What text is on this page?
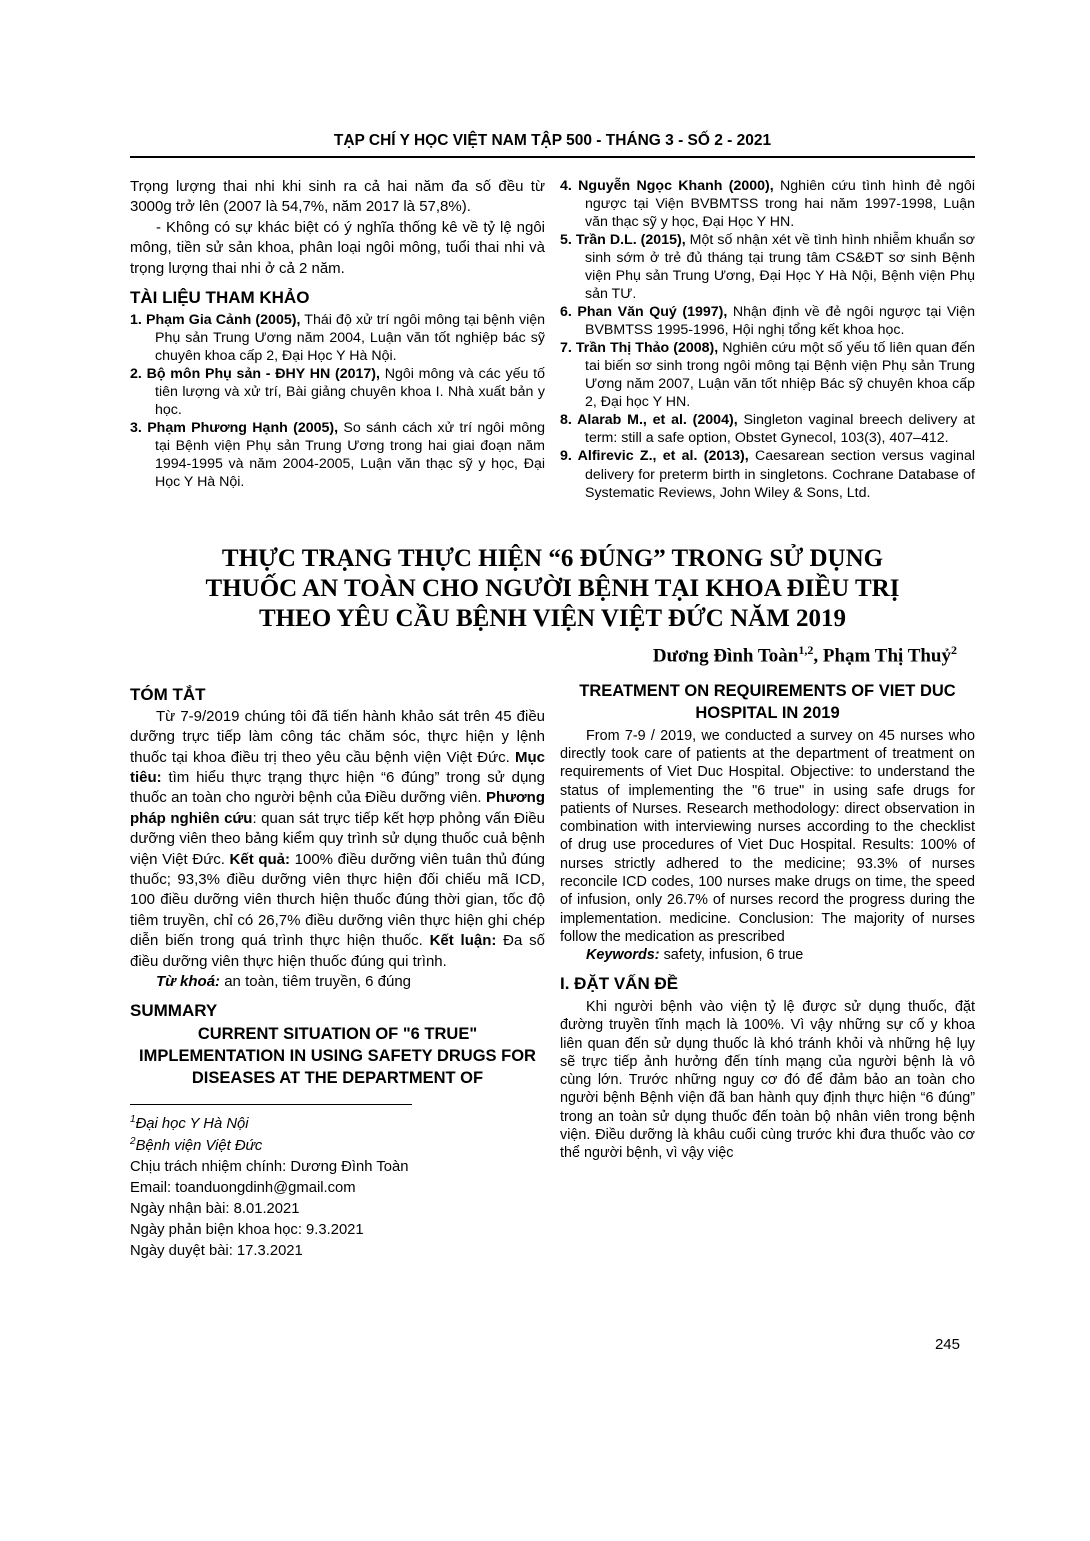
TẠP CHÍ Y HỌC VIỆT NAM TẬP 500 - THÁNG 3 - SỐ 2 - 2021

Trọng lượng thai nhi khi sinh ra cả hai năm đa số đều từ 3000g trở lên (2007 là 54,7%, năm 2017 là 57,8%).

- Không có sự khác biệt có ý nghĩa thống kê về tỷ lệ ngôi mông, tiền sử sản khoa, phân loại ngôi mông, tuổi thai nhi và trọng lượng thai nhi ở cả 2 năm.

TÀI LIỆU THAM KHẢO
1. Phạm Gia Cảnh (2005), Thái độ xử trí ngôi mông tại bệnh viện Phụ sản Trung Ương năm 2004, Luận văn tốt nghiệp bác sỹ chuyên khoa cấp 2, Đại Học Y Hà Nội.
2. Bộ môn Phụ sản - ĐHY HN (2017), Ngôi mông và các yếu tố tiên lượng và xử trí, Bài giảng chuyên khoa I. Nhà xuất bản y học.
3. Phạm Phương Hạnh (2005), So sánh cách xử trí ngôi mông tại Bệnh viện Phụ sản Trung Ương trong hai giai đoạn năm 1994-1995 và năm 2004-2005, Luận văn thạc sỹ y học, Đại Học Y Hà Nội.
4. Nguyễn Ngọc Khanh (2000), Nghiên cứu tình hình đẻ ngôi ngược tại Viện BVBMTSS trong hai năm 1997-1998, Luận văn thạc sỹ y học, Đại Học Y HN.
5. Trần D.L. (2015), Một số nhận xét về tình hình nhiễm khuẩn sơ sinh sớm ở trẻ đủ tháng tại trung tâm CS&ĐT sơ sinh Bệnh viện Phụ sản Trung Ương, Đại Học Y Hà Nội, Bệnh viện Phụ sản TƯ.
6. Phan Văn Quý (1997), Nhận định về đẻ ngôi ngược tại Viện BVBMTSS 1995-1996, Hội nghị tổng kết khoa học.
7. Trần Thị Thảo (2008), Nghiên cứu một số yếu tố liên quan đến tai biến sơ sinh trong ngôi mông tại Bệnh viện Phụ sản Trung Ương năm 2007, Luận văn tốt nhiệp Bác sỹ chuyên khoa cấp 2, Đại học Y HN.
8. Alarab M., et al. (2004), Singleton vaginal breech delivery at term: still a safe option, Obstet Gynecol, 103(3), 407–412.
9. Alfirevic Z., et al. (2013), Caesarean section versus vaginal delivery for preterm birth in singletons. Cochrane Database of Systematic Reviews, John Wiley & Sons, Ltd.
THỰC TRẠNG THỰC HIỆN “6 ĐÚNG” TRONG SỬ DỤNG
THUỐC AN TOÀN CHO NGƯỜI BỆNH TẠI KHOA ĐIỀU TRỊ
THEO YÊU CẦU BỆNH VIỆN VIỆT ĐỨC NĂM 2019
Dương Đình Toàn$^{1,2}$, Phạm Thị Thuỷ$^2$
TÓM TẮT

Từ 7-9/2019 chúng tôi đã tiến hành khảo sát trên 45 điều dưỡng trực tiếp làm công tác chăm sóc, thực hiện y lệnh thuốc tại khoa điều trị theo yêu cầu bệnh viện Việt Đức. Mục tiêu: tìm hiểu thực trạng thực hiện “6 đúng” trong sử dụng thuốc an toàn cho người bệnh của Điều dưỡng viên. Phương pháp nghiên cứu: quan sát trực tiếp kết hợp phỏng vấn Điều dưỡng viên theo bảng kiểm quy trình sử dụng thuốc cuả bệnh viện Việt Đức. Kết quả: 100% điều dưỡng viên tuân thủ đúng thuốc; 93,3% điều dưỡng viên thực hiện đối chiếu mã ICD, 100 điều dưỡng viên thưch hiện thuốc đúng thời gian, tốc độ tiêm truyền, chỉ có 26,7% điều dưỡng viên thực hiện ghi chép diễn biến trong quá trình thực hiện thuốc. Kết luận: Đa số điều dưỡng viên thực hiện thuốc đúng qui trình.

Từ khoá: an toàn, tiêm truyền, 6 đúng

SUMMARY
CURRENT SITUATION OF "6 TRUE" IMPLEMENTATION IN USING SAFETY DRUGS FOR DISEASES AT THE DEPARTMENT OF
$^1$Đại học Y Hà Nội
$^2$Bệnh viện Việt Đức
Chịu trách nhiệm chính: Dương Đình Toàn
Email: toanduongdinh@gmail.com
Ngày nhận bài: 8.01.2021
Ngày phản biện khoa học: 9.3.2021
Ngày duyệt bài: 17.3.2021
TREATMENT ON REQUIREMENTS OF VIET DUC HOSPITAL IN 2019

From 7-9 / 2019, we conducted a survey on 45 nurses who directly took care of patients at the department of treatment on requirements of Viet Duc Hospital. Objective: to understand the status of implementing the "6 true" in using safe drugs for patients of Nurses. Research methodology: direct observation in combination with interviewing nurses according to the checklist of drug use procedures of Viet Duc Hospital. Results: 100% of nurses strictly adhered to the medicine; 93.3% of nurses reconcile ICD codes, 100 nurses make drugs on time, the speed of infusion, only 26.7% of nurses record the progress during the implementation. medicine. Conclusion: The majority of nurses follow the medication as prescribed

Keywords: safety, infusion, 6 true

I. ĐẶT VẤN ĐỀ

Khi người bệnh vào viện tỷ lệ được sử dụng thuốc, đặt đường truyền tĩnh mạch là 100%. Vì vậy những sự cố y khoa liên quan đến sử dụng thuốc là khó tránh khỏi và những hệ lụy sẽ trực tiếp ảnh hưởng đến tính mạng của người bệnh là vô cùng lớn. Trước những nguy cơ đó để đảm bảo an toàn cho người bệnh Bệnh viện đã ban hành quy định thực hiện “6 đúng” trong an toàn sử dụng thuốc đến toàn bộ nhân viên trong bệnh viện. Điều dưỡng là khâu cuối cùng trước khi đưa thuốc vào cơ thể người bệnh, vì vậy việc

245
